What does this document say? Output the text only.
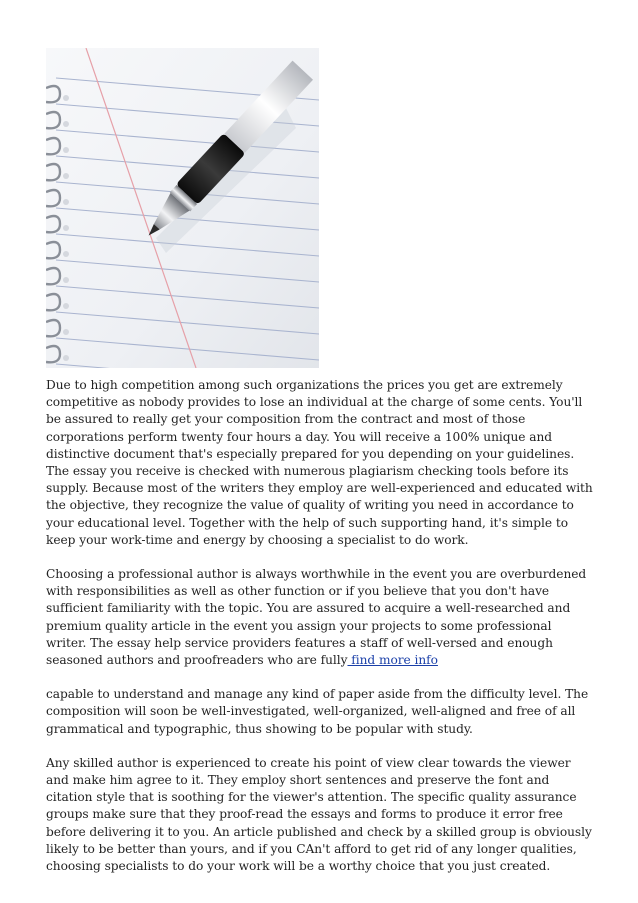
Due to high competition among such organizations the prices you get are extremely competitive as nobody provides to lose an individual at the charge of some cents. You'll be assured to really get your composition from the contract and most of those corporations perform twenty four hours a day. You will receive a 100% unique and distinctive document that's especially prepared for you depending on your guidelines. The essay you receive is checked with numerous plagiarism checking tools before its supply. Because most of the writers they employ are well-experienced and educated with the objective, they recognize the value of quality of writing you need in accordance to your educational level. Together with the help of such supporting hand, it's simple to keep your work-time and energy by choosing a specialist to do work.

Choosing a professional author is always worthwhile in the event you are overburdened with responsibilities as well as other function or if you believe that you don't have sufficient familiarity with the topic. You are assured to acquire a well-researched and premium quality article in the event you assign your projects to some professional writer. The essay help service providers features a staff of well-versed and enough seasoned authors and proofreaders who are fully find more info

capable to understand and manage any kind of paper aside from the difficulty level. The composition will soon be well-investigated, well-organized, well-aligned and free of all grammatical and typographic, thus showing to be popular with study.

Any skilled author is experienced to create his point of view clear towards the viewer and make him agree to it. They employ short sentences and preserve the font and citation style that is soothing for the viewer's attention. The specific quality assurance groups make sure that they proof-read the essays and forms to produce it error free before delivering it to you. An article published and check by a skilled group is obviously likely to be better than yours, and if you CAn't afford to get rid of any longer qualities, choosing specialists to do your work will be a worthy choice that you just created.
